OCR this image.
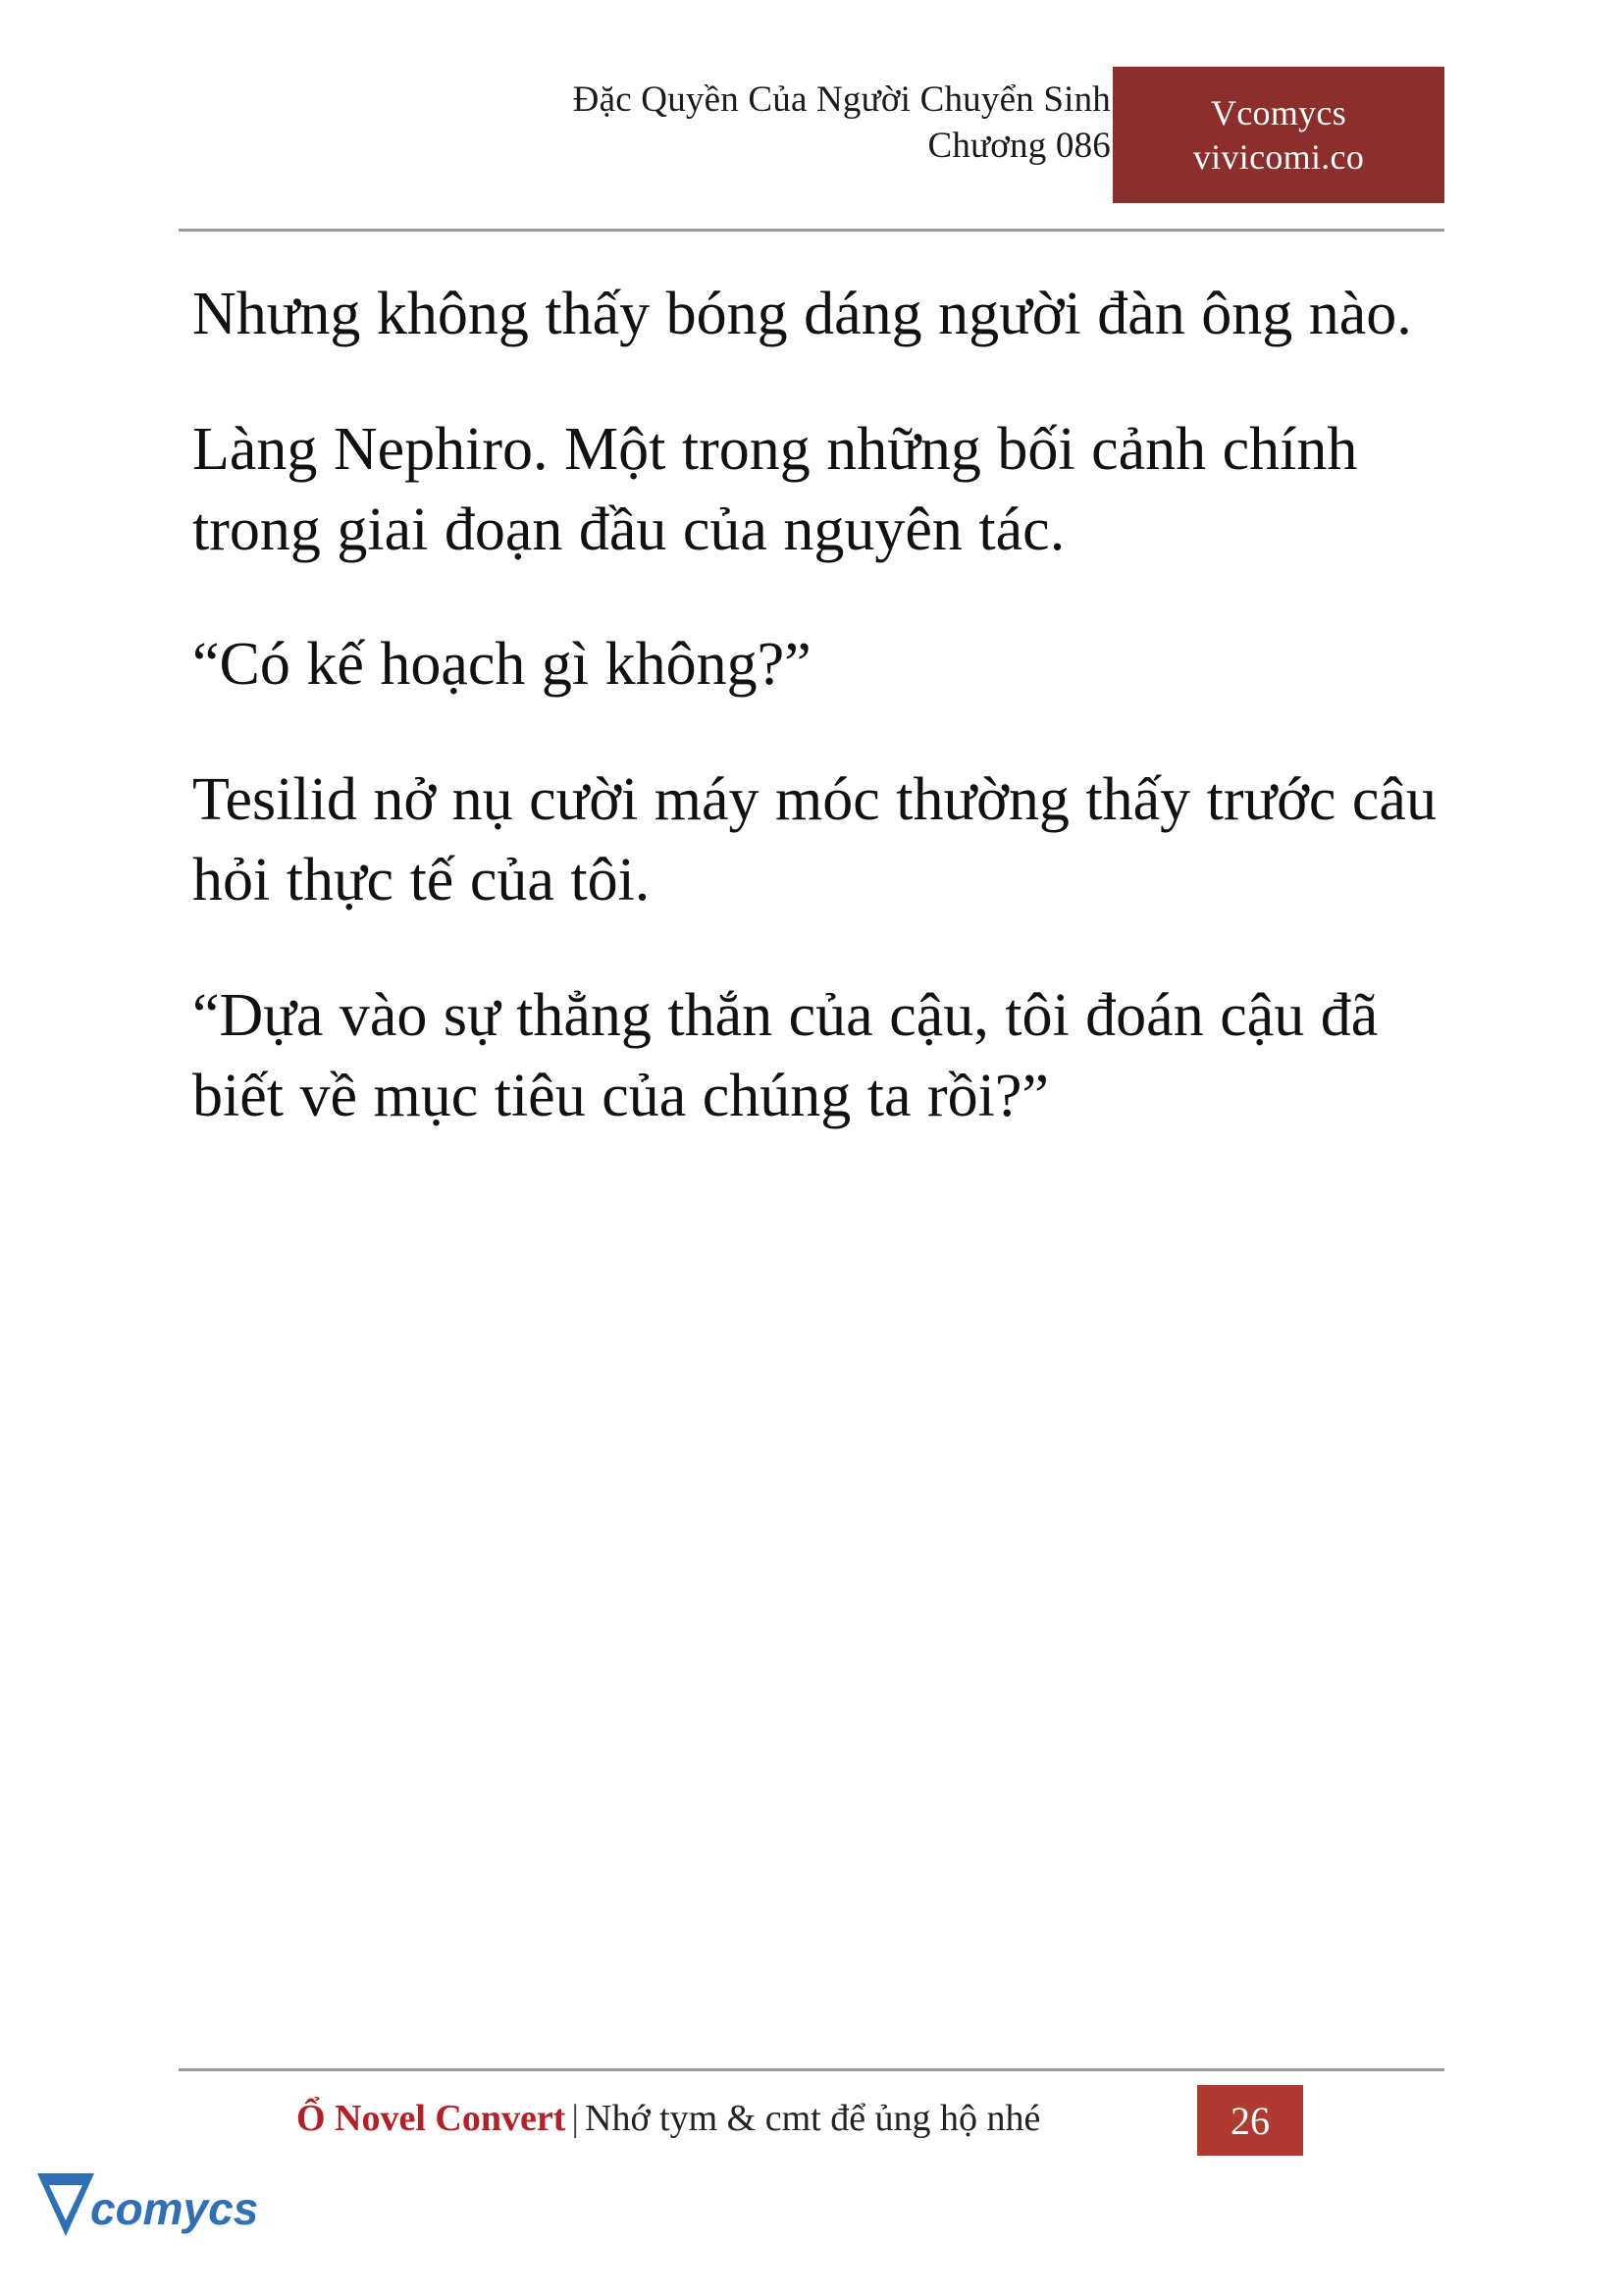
Đặc Quyền Của Người Chuyển Sinh
Chương 086
Vcomycs
vivicomi.co

Nhưng không thấy bóng dáng người đàn ông nào.

Làng Nephiro. Một trong những bối cảnh chính trong giai đoạn đầu của nguyên tác.

“Có kế hoạch gì không?”

Tesilid nở nụ cười máy móc thường thấy trước câu hỏi thực tế của tôi.

“Dựa vào sự thẳng thắn của cậu, tôi đoán cậu đã biết về mục tiêu của chúng ta rồi?”

Ổ Novel Convert | Nhớ tym & cmt để ủng hộ nhé	26
comycs
